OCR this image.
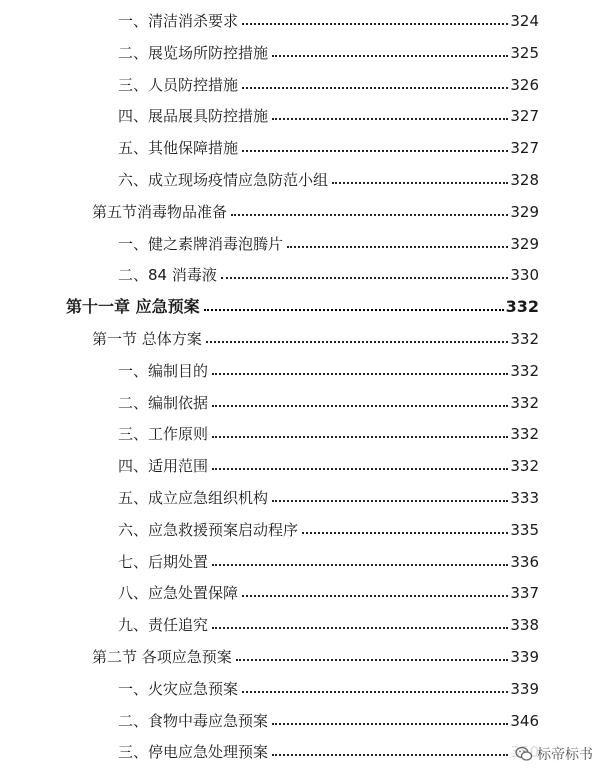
一、清洁消杀要求	324
二、展览场所防控措施	325
三、人员防控措施	326
四、展品展具防控措施	327
五、其他保障措施	327
六、成立现场疫情应急防范小组	328
第五节消毒物品准备	329
一、健之素牌消毒泡腾片	329
二、84 消毒液	330
第十一章 应急预案	332
第一节 总体方案	332
一、编制目的	332
二、编制依据	332
三、工作原则	332
四、适用范围	332
五、成立应急组织机构	333
六、应急救援预案启动程序	335
七、后期处置	336
八、应急处置保障	337
九、责任追究	338
第二节 各项应急预案	339
一、火灾应急预案	339
二、食物中毒应急预案	346
三、停电应急处理预案	标帝标书
